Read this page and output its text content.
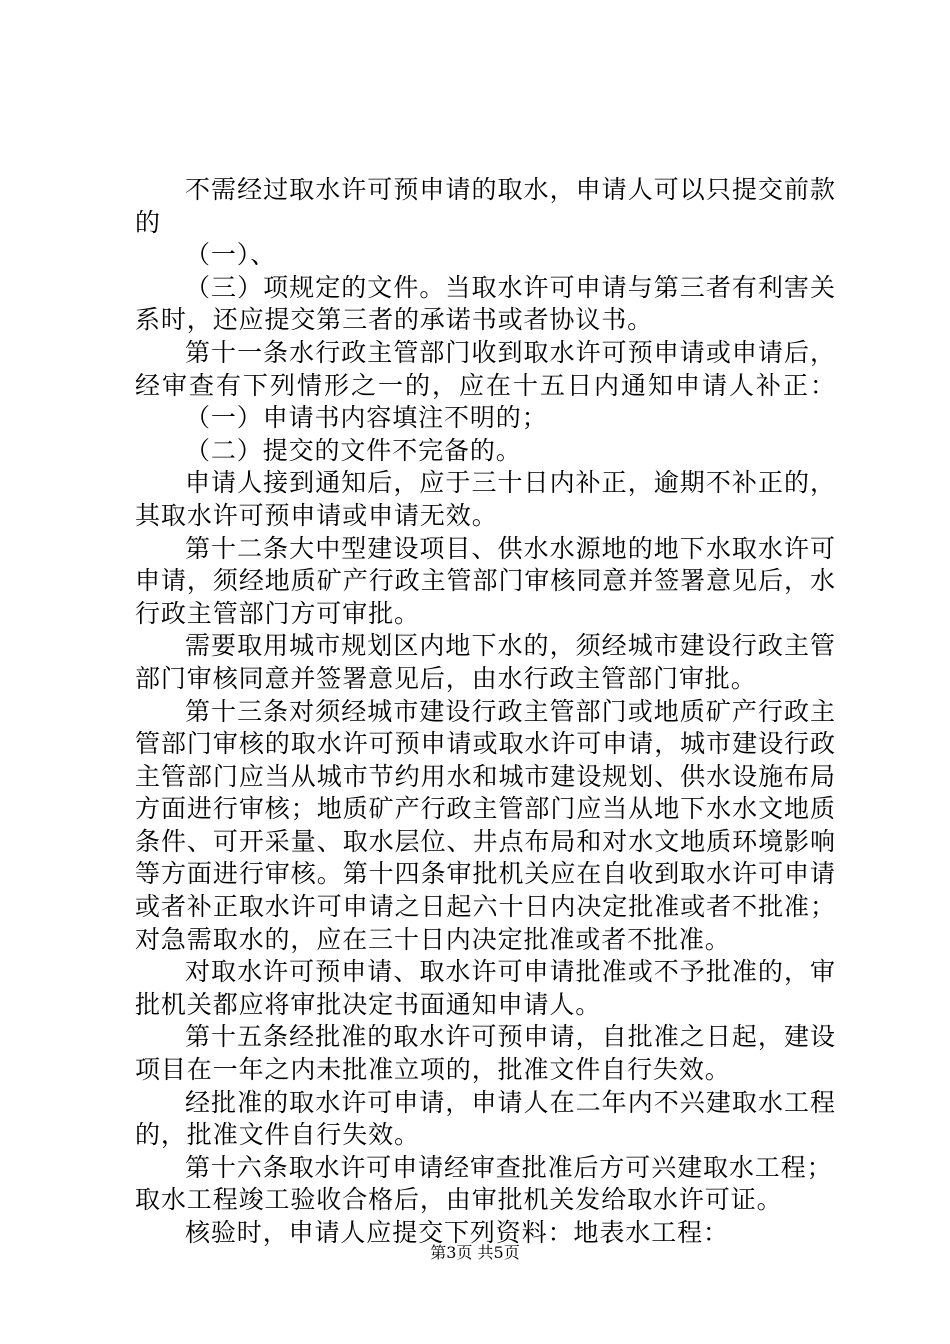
不需经过取水许可预申请的取水，申请人可以只提交前款
的
（一）、
（三）项规定的文件。当取水许可申请与第三者有利害关
系时，还应提交第三者的承诺书或者协议书。
第十一条水行政主管部门收到取水许可预申请或申请后，
经审查有下列情形之一的，应在十五日内通知申请人补正：
（一）申请书内容填注不明的；
（二）提交的文件不完备的。
申请人接到通知后，应于三十日内补正，逾期不补正的，
其取水许可预申请或申请无效。
第十二条大中型建设项目、供水水源地的地下水取水许可
申请，须经地质矿产行政主管部门审核同意并签署意见后，水
行政主管部门方可审批。
需要取用城市规划区内地下水的，须经城市建设行政主管
部门审核同意并签署意见后，由水行政主管部门审批。
第十三条对须经城市建设行政主管部门或地质矿产行政主
管部门审核的取水许可预申请或取水许可申请，城市建设行政
主管部门应当从城市节约用水和城市建设规划、供水设施布局
方面进行审核；地质矿产行政主管部门应当从地下水水文地质
条件、可开采量、取水层位、井点布局和对水文地质环境影响
等方面进行审核。第十四条审批机关应在自收到取水许可申请
或者补正取水许可申请之日起六十日内决定批准或者不批准；
对急需取水的，应在三十日内决定批准或者不批准。
对取水许可预申请、取水许可申请批准或不予批准的，审
批机关都应将审批决定书面通知申请人。
第十五条经批准的取水许可预申请，自批准之日起，建设
项目在一年之内未批准立项的，批准文件自行失效。
经批准的取水许可申请，申请人在二年内不兴建取水工程
的，批准文件自行失效。
第十六条取水许可申请经审查批准后方可兴建取水工程；
取水工程竣工验收合格后，由审批机关发给取水许可证。
核验时，申请人应提交下列资料：地表水工程：
第3页 共5页
